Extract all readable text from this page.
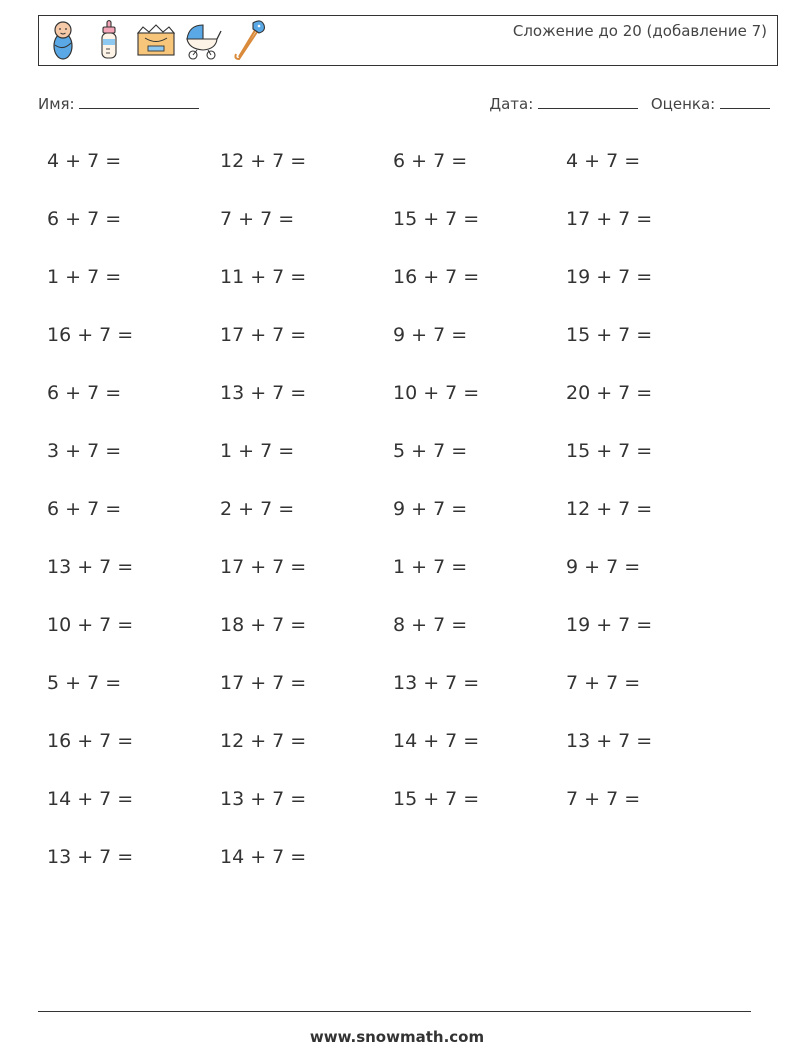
Сложение до 20 (добавление 7)
Имя:	Дата:	Оценка:
4 + 7 =	12 + 7 =	6 + 7 =	4 + 7 =
6 + 7 =	7 + 7 =	15 + 7 =	17 + 7 =
1 + 7 =	11 + 7 =	16 + 7 =	19 + 7 =
16 + 7 =	17 + 7 =	9 + 7 =	15 + 7 =
6 + 7 =	13 + 7 =	10 + 7 =	20 + 7 =
3 + 7 =	1 + 7 =	5 + 7 =	15 + 7 =
6 + 7 =	2 + 7 =	9 + 7 =	12 + 7 =
13 + 7 =	17 + 7 =	1 + 7 =	9 + 7 =
10 + 7 =	18 + 7 =	8 + 7 =	19 + 7 =
5 + 7 =	17 + 7 =	13 + 7 =	7 + 7 =
16 + 7 =	12 + 7 =	14 + 7 =	13 + 7 =
14 + 7 =	13 + 7 =	15 + 7 =	7 + 7 =
13 + 7 =	14 + 7 =
www.snowmath.com
